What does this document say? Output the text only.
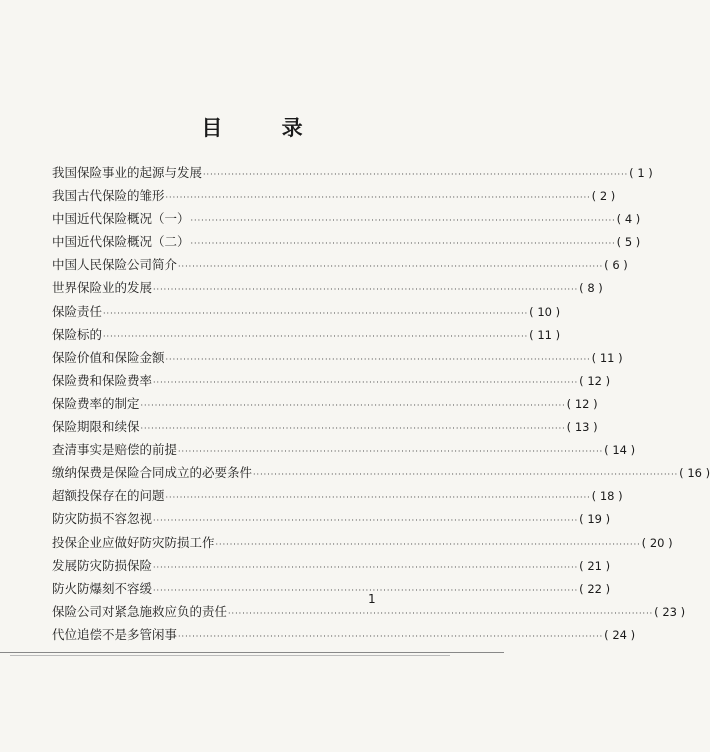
目 录
我国保险事业的起源与发展 ························································································································ ( 1 )
我国古代保险的雏形 ························································································································ ( 2 )
中国近代保险概况（一） ························································································································ ( 4 )
中国近代保险概况（二） ························································································································ ( 5 )
中国人民保险公司简介 ························································································································ ( 6 )
世界保险业的发展 ························································································································ ( 8 )
保险责任 ························································································································ ( 10 )
保险标的 ························································································································ ( 11 )
保险价值和保险金额 ························································································································ ( 11 )
保险费和保险费率 ························································································································ ( 12 )
保险费率的制定 ························································································································ ( 12 )
保险期限和续保 ························································································································ ( 13 )
查清事实是赔偿的前提 ························································································································ ( 14 )
缴纳保费是保险合同成立的必要条件 ························································································································ ( 16 )
超额投保存在的问题 ························································································································ ( 18 )
防灾防损不容忽视 ························································································································ ( 19 )
投保企业应做好防灾防损工作 ························································································································ ( 20 )
发展防灾防损保险 ························································································································ ( 21 )
防火防爆刻不容缓 ························································································································ ( 22 )
保险公司对紧急施救应负的责任 ························································································································ ( 23 )
代位追偿不是多管闲事 ························································································································ ( 24 )
1
